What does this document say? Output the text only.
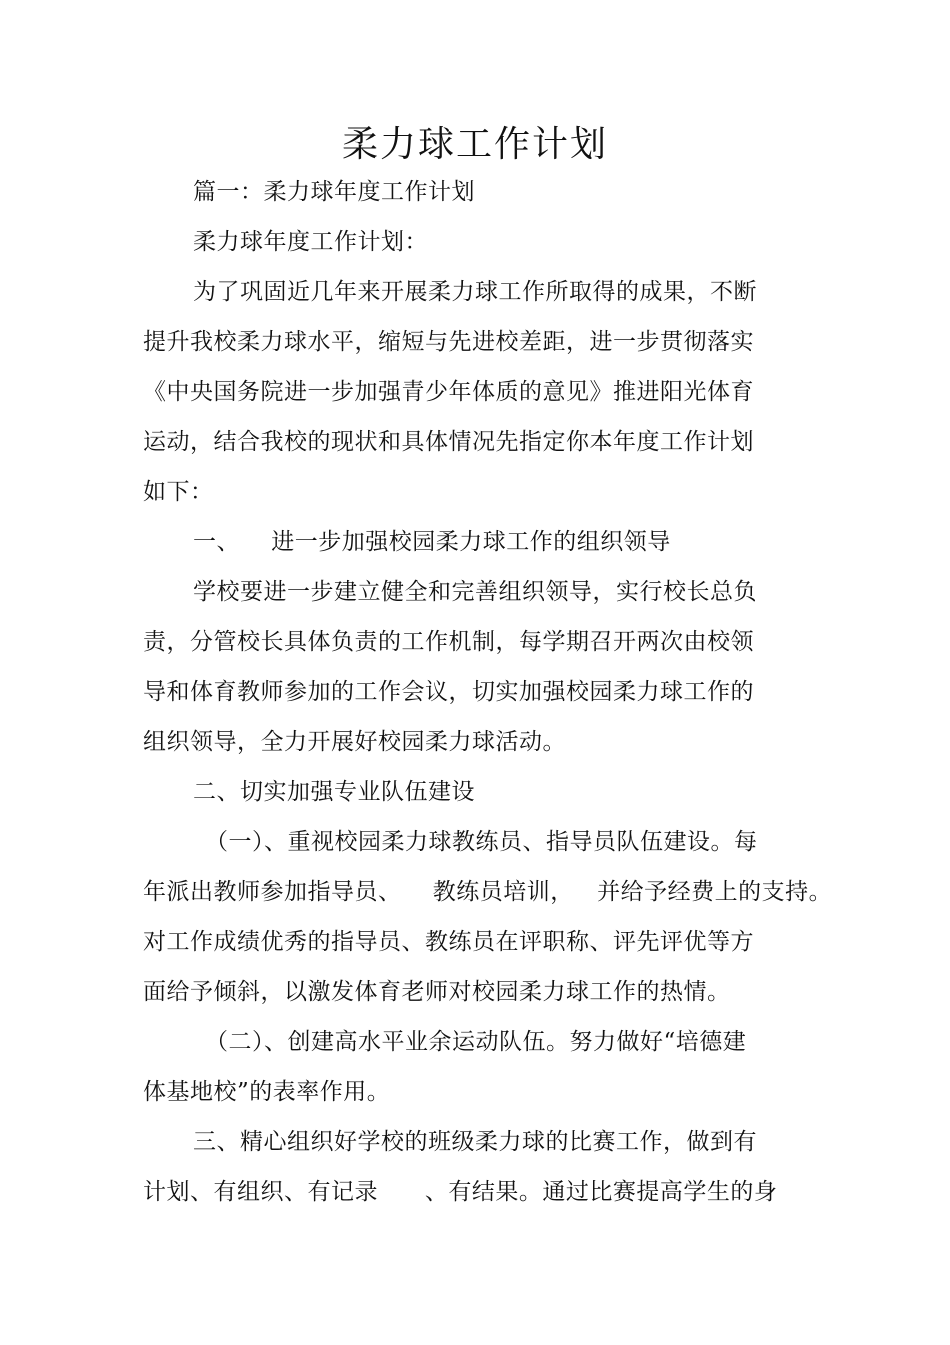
柔力球工作计划
篇一：柔力球年度工作计划
柔力球年度工作计划：
为了巩固近几年来开展柔力球工作所取得的成果，不断
提升我校柔力球水平，缩短与先进校差距，进一步贯彻落实
《中央国务院进一步加强青少年体质的意见》推进阳光体育
运动，结合我校的现状和具体情况先指定你本年度工作计划
如下：
一、    进一步加强校园柔力球工作的组织领导
学校要进一步建立健全和完善组织领导，实行校长总负
责，分管校长具体负责的工作机制，每学期召开两次由校领
导和体育教师参加的工作会议，切实加强校园柔力球工作的
组织领导，全力开展好校园柔力球活动。
二、切实加强专业队伍建设
（一）、重视校园柔力球教练员、指导员队伍建设。每
年派出教师参加指导员、    教练员培训，   并给予经费上的支持。
对工作成绩优秀的指导员、教练员在评职称、评先评优等方
面给予倾斜，以激发体育老师对校园柔力球工作的热情。
（二）、创建高水平业余运动队伍。努力做好“培德建
体基地校”的表率作用。
三、精心组织好学校的班级柔力球的比赛工作，做到有
计划、有组织、有记录      、有结果。通过比赛提高学生的身
